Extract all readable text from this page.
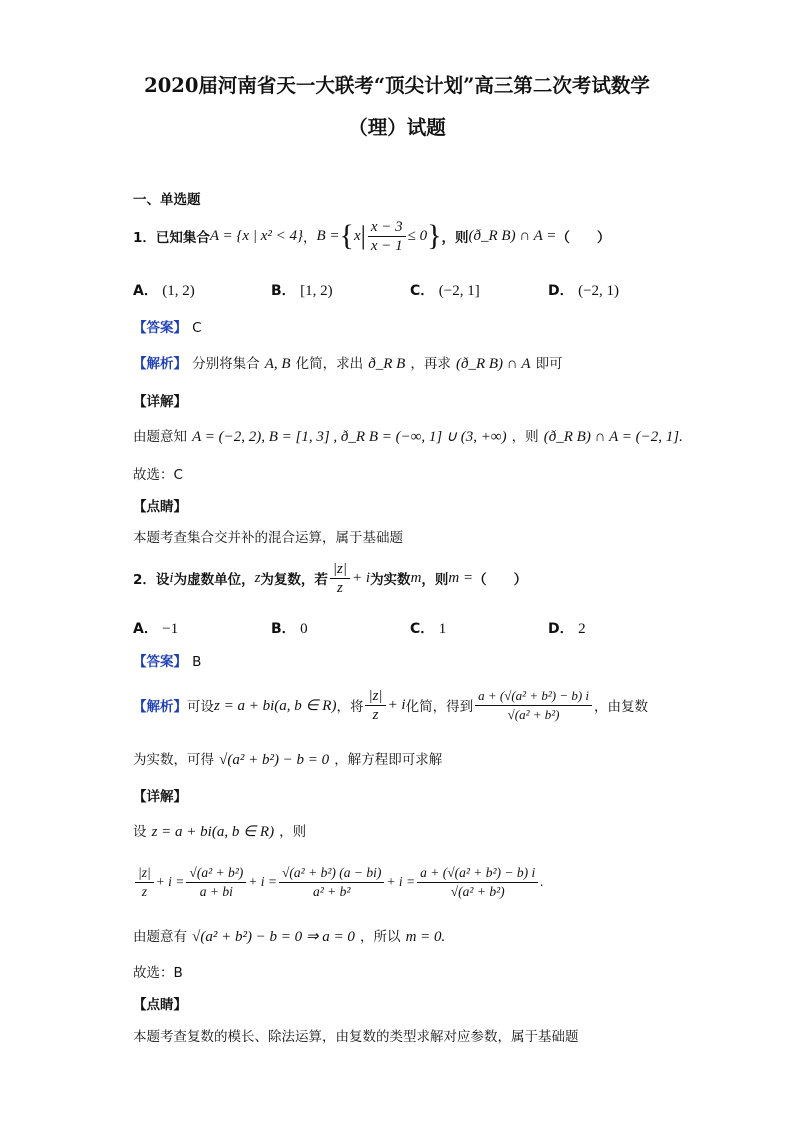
2020届河南省天一大联考“顶尖计划”高三第二次考试数学
（理）试题
一、单选题
1． 已知集合 A = {x | x² < 4} ， B = { x | $\frac{x - 3}{x - 1} \le 0$ } ，则 (ð_R B) ∩ A = （　　）
A． (1, 2)	B． [1, 2)	C． (−2, 1]	D． (−2, 1)
【答案】 C
【解析】 分别将集合 A, B 化简，求出 ð_R B ，再求 (ð_R B) ∩ A 即可
【详解】
由题意知 A = (−2, 2), B = [1, 3] , ð_R B = (−∞, 1] ∪ (3, +∞) ，则 (ð_R B) ∩ A = (−2, 1].
故选：C
【点睛】
本题考查集合交并补的混合运算，属于基础题
2． 设 i 为虚数单位， z 为复数，若 $\frac{|z|}{z} + i$ 为实数 m ，则 m = （　　）
A． −1	B． 0	C． 1	D． 2
【答案】 B
【解析】 可设 z = a + bi(a, b ∈ R) ，将 $\frac{|z|}{z} + i$ 化简，得到 $\frac{\text{a + (√(a² + b²) − b) i}}{\text{√(a² + b²)}}$ ，由复数
为实数，可得 √(a² + b²) − b = 0 ，解方程即可求解
【详解】
设 z = a + bi(a, b ∈ R) ，则
$\frac{|z|}{z} + i = \frac{\text{√(a² + b²)}}{a + bi} + i = \frac{\text{√(a² + b²) (a − bi)}}{\text{a² + b²}} + i = \frac{\text{a + (√(a² + b²) − b) i}}{\text{√(a² + b²)}}$ .
由题意有 √(a² + b²) − b = 0 ⇒ a = 0 ，所以 m = 0.
故选：B
【点睛】
本题考查复数的模长、除法运算，由复数的类型求解对应参数，属于基础题
